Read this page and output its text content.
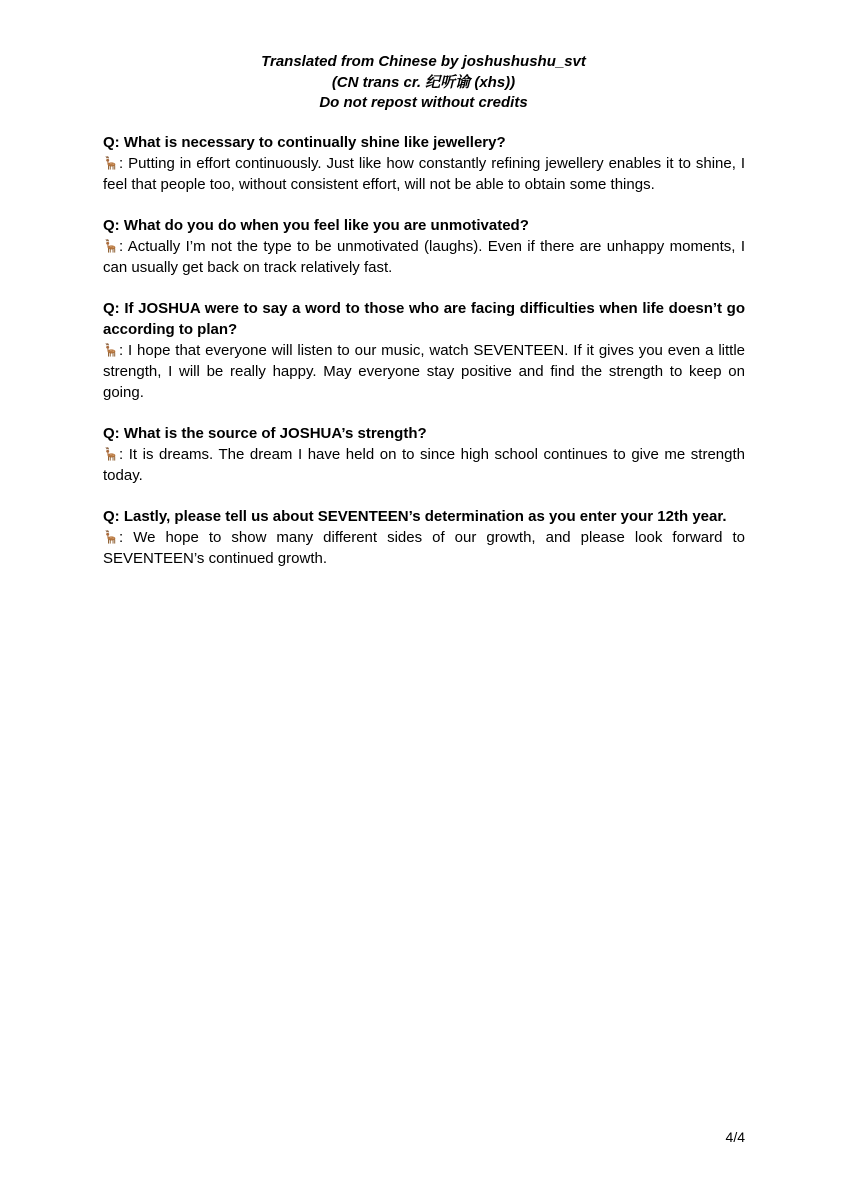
Translated from Chinese by joshushushu_svt
(CN trans cr. 纪听谕 (xhs))
Do not repost without credits

Q: What is necessary to continually shine like jewellery?

: Putting in effort continuously. Just like how constantly refining jewellery enables it to shine, I feel that people too, without consistent effort, will not be able to obtain some things.

Q: What do you do when you feel like you are unmotivated?

: Actually I’m not the type to be unmotivated (laughs). Even if there are unhappy moments, I can usually get back on track relatively fast.

Q: If JOSHUA were to say a word to those who are facing difficulties when life doesn’t go according to plan?

: I hope that everyone will listen to our music, watch SEVENTEEN. If it gives you even a little strength, I will be really happy. May everyone stay positive and find the strength to keep on going.

Q: What is the source of JOSHUA’s strength?

: It is dreams. The dream I have held on to since high school continues to give me strength today.

Q: Lastly, please tell us about SEVENTEEN’s determination as you enter your 12th year.

: We hope to show many different sides of our growth, and please look forward to SEVENTEEN’s continued growth.

4/4
